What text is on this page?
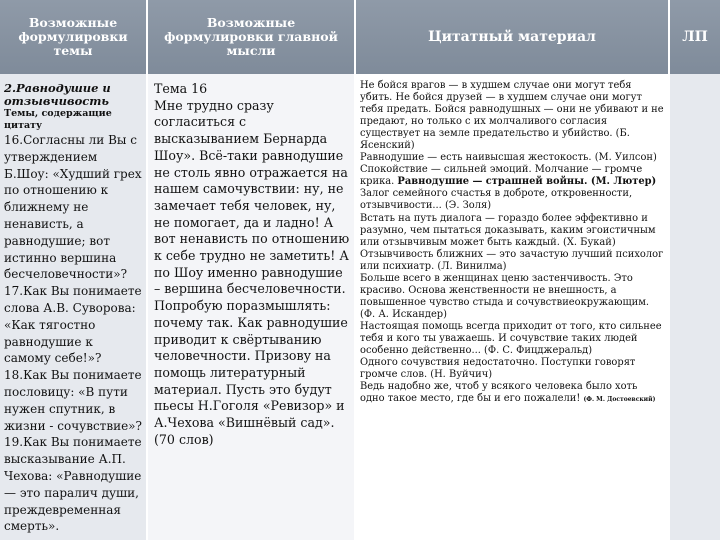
Возможные формулировки темы
Возможные формулировки главной мысли
Цитатный материал	ЛП
2.Равнодушие и отзывчивость
Темы, содержащие цитату
16.Согласны ли Вы с утверждением Б.Шоу: «Худший грех по отношению к ближнему не ненависть, а равнодушие; вот истинно вершина бесчеловечности»?
17.Как Вы понимаете слова А.В. Суворова: «Как тягостно равнодушие к самому себе!»?
18.Как Вы понимаете пословицу: «В пути нужен спутник, в жизни - сочувствие»?
19.Как Вы понимаете высказывание А.П. Чехова: «Равнодушие — это паралич души, преждевременная смерть».
Тема 16
Мне трудно сразу согласиться с высказыванием Бернарда Шоу». Всё-таки равнодушие не столь явно отражается на нашем самочувствии: ну, не замечает тебя человек, ну, не помогает, да и ладно! А вот ненависть по отношению к себе трудно не заметить! А по Шоу именно равнодушие – вершина бесчеловечности. Попробую поразмышлять: почему так. Как равнодушие приводит к свёртыванию человечности. Призову на помощь литературный материал. Пусть это будут пьесы Н.Гоголя «Ревизор» и А.Чехова «Вишнёвый сад». (70 слов)

Не бойся врагов — в худшем случае они могут тебя убить. Не бойся друзей — в худшем случае они могут тебя предать. Бойся равнодушных — они не убивают и не предают, но только с их молчаливого согласия существует на земле предательство и убийство. (Б. Ясенский)

Равнодушие — есть наивысшая жестокость. (М. Уилсон)

Спокойствие — сильней эмоций. Молчание — громче крика. Равнодушие — страшней войны. (М. Лютер)

Залог семейного счастья в доброте, откровенности, отзывчивости... (Э. Золя)

Встать на путь диалога — гораздо более эффективно и разумно, чем пытаться доказывать, каким эгоистичным или отзывчивым может быть каждый. (Х. Букай)

Отзывчивость ближних — это зачастую лучший психолог или психиатр. (Л. Винилма)

Больше всего в женщинах ценю застенчивость. Это красиво. Основа женственности не внешность, а повышенное чувство стыда и сочувствиеокружающим. (Ф. А. Искандер)

Настоящая помощь всегда приходит от того, кто сильнее тебя и кого ты уважаешь. И сочувствие таких людей особенно действенно... (Ф. С. Фицджеральд)

Одного сочувствия недостаточно. Поступки говорят громче слов. (Н. Вуйчич)

Ведь надобно же, чтоб у всякого человека было хоть одно такое место, где бы и его пожалели! (Ф. М. Достоевский)
